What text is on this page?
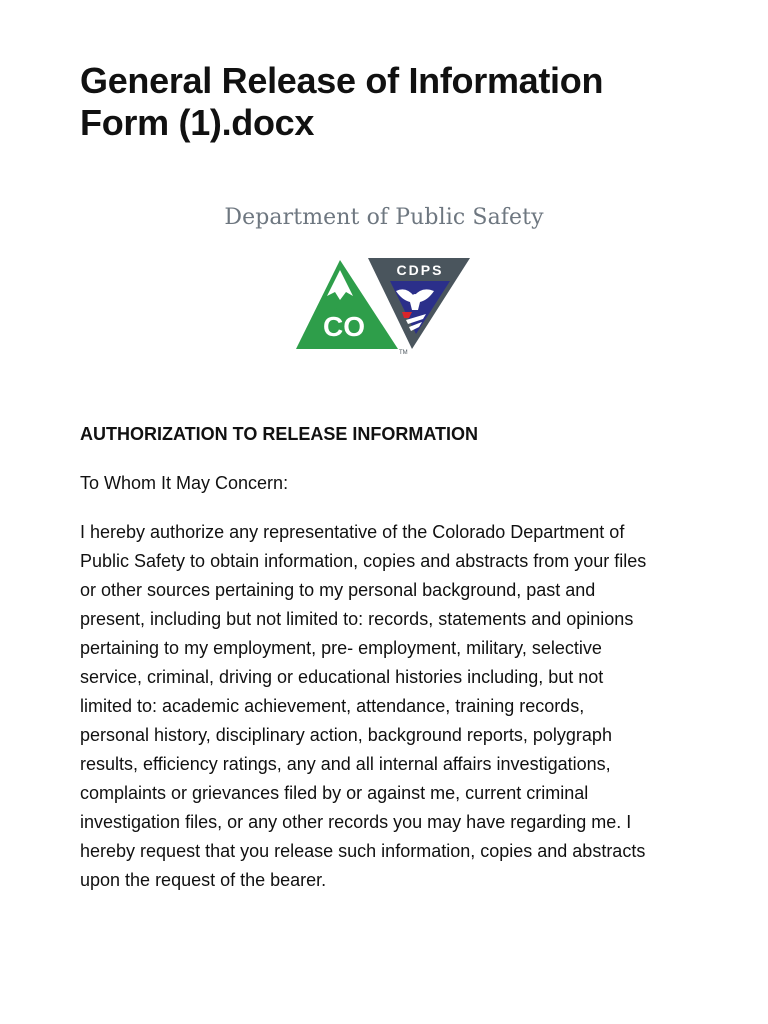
General Release of Information Form (1).docx
Department of Public Safety
CO
CDPS
TM
AUTHORIZATION TO RELEASE INFORMATION

To Whom It May Concern:

I hereby authorize any representative of the Colorado Department of
Public Safety to obtain information, copies and abstracts from your files
or other sources pertaining to my personal background, past and
present, including but not limited to: records, statements and opinions
pertaining to my employment, pre- employment, military, selective
service, criminal, driving or educational histories including, but not
limited to: academic achievement, attendance, training records,
personal history, disciplinary action, background reports, polygraph
results, efficiency ratings, any and all internal affairs investigations,
complaints or grievances filed by or against me, current criminal
investigation files, or any other records you may have regarding me. I
hereby request that you release such information, copies and abstracts
upon the request of the bearer.
